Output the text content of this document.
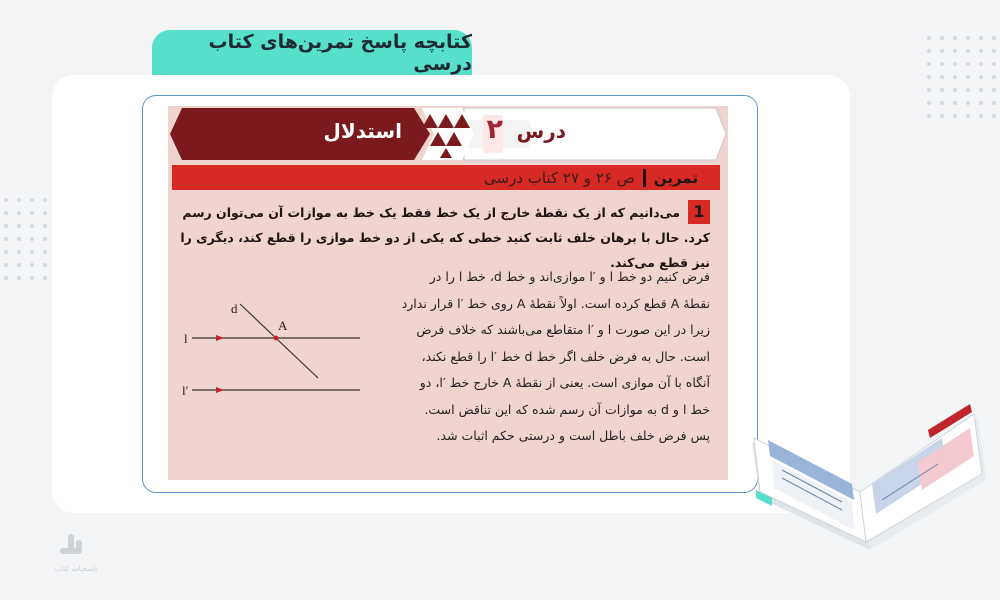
کتابچه پاسخ تمرین‌های کتاب درسی
استدلال	۲ درس
تمرین
ص ۲۶ و ۲۷ کتاب درسی
1

می‌دانیم که از یک نقطهٔ خارج از یک خط فقط یک خط به موازات آن می‌توان رسم کرد. حال با برهان خلف ثابت کنید خطی که یکی از دو خط موازی را قطع کند، دیگری را نیز قطع می‌کند.

فرض کنیم دو خط l و ′l موازی‌اند و خط d، خط l را در

نقطهٔ A قطع کرده است. اولاً نقطهٔ A روی خط ′l قرار ندارد

زیرا در این صورت l و ′l متقاطع می‌باشند که خلاف فرض

است. حال به فرض خلف اگر خط d خط ′l را قطع نکند،

آنگاه با آن موازی است. یعنی از نقطهٔ A خارج خط ′l، دو

خط l و d به موازات آن رسم شده که این تناقض است.

پس فرض خلف باطل است و درستی حکم اثبات شد.

d
A
l
l′
پاسخنامه کتاب
